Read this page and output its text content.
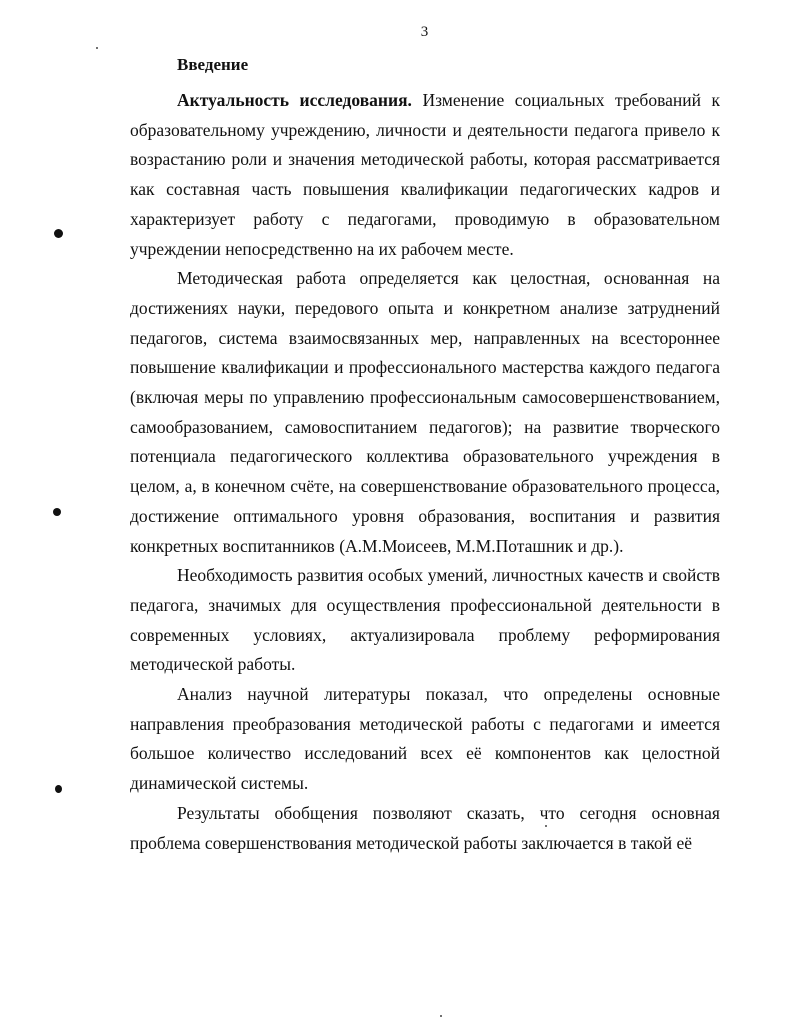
3
Введение

Актуальность исследования. Изменение социальных требований к образовательному учреждению, личности и деятельности педагога привело к возрастанию роли и значения методической работы, которая рассматривается как составная часть повышения квалификации педагогических кадров и характеризует работу с педагогами, проводимую в образовательном учреждении непосредственно на их рабочем месте.

Методическая работа определяется как целостная, основанная на достижениях науки, передового опыта и конкретном анализе затруднений педагогов, система взаимосвязанных мер, направленных на всестороннее повышение квалификации и профессионального мастерства каждого педагога (включая меры по управлению профессиональным самосовершенствованием, самообразованием, самовоспитанием педагогов); на развитие творческого потенциала педагогического коллектива образовательного учреждения в целом, а, в конечном счёте, на совершенствование образовательного процесса, достижение оптимального уровня образования, воспитания и развития конкретных воспитанников (А.М.Моисеев, М.М.Поташник и др.).

Необходимость развития особых умений, личностных качеств и свойств педагога, значимых для осуществления профессиональной деятельности в современных условиях, актуализировала проблему реформирования методической работы.

Анализ научной литературы показал, что определены основные направления преобразования методической работы с педагогами и имеется большое количество исследований всех её компонентов как целостной динамической системы.

Результаты обобщения позволяют сказать, что сегодня основная проблема совершенствования методической работы заключается в такой её
